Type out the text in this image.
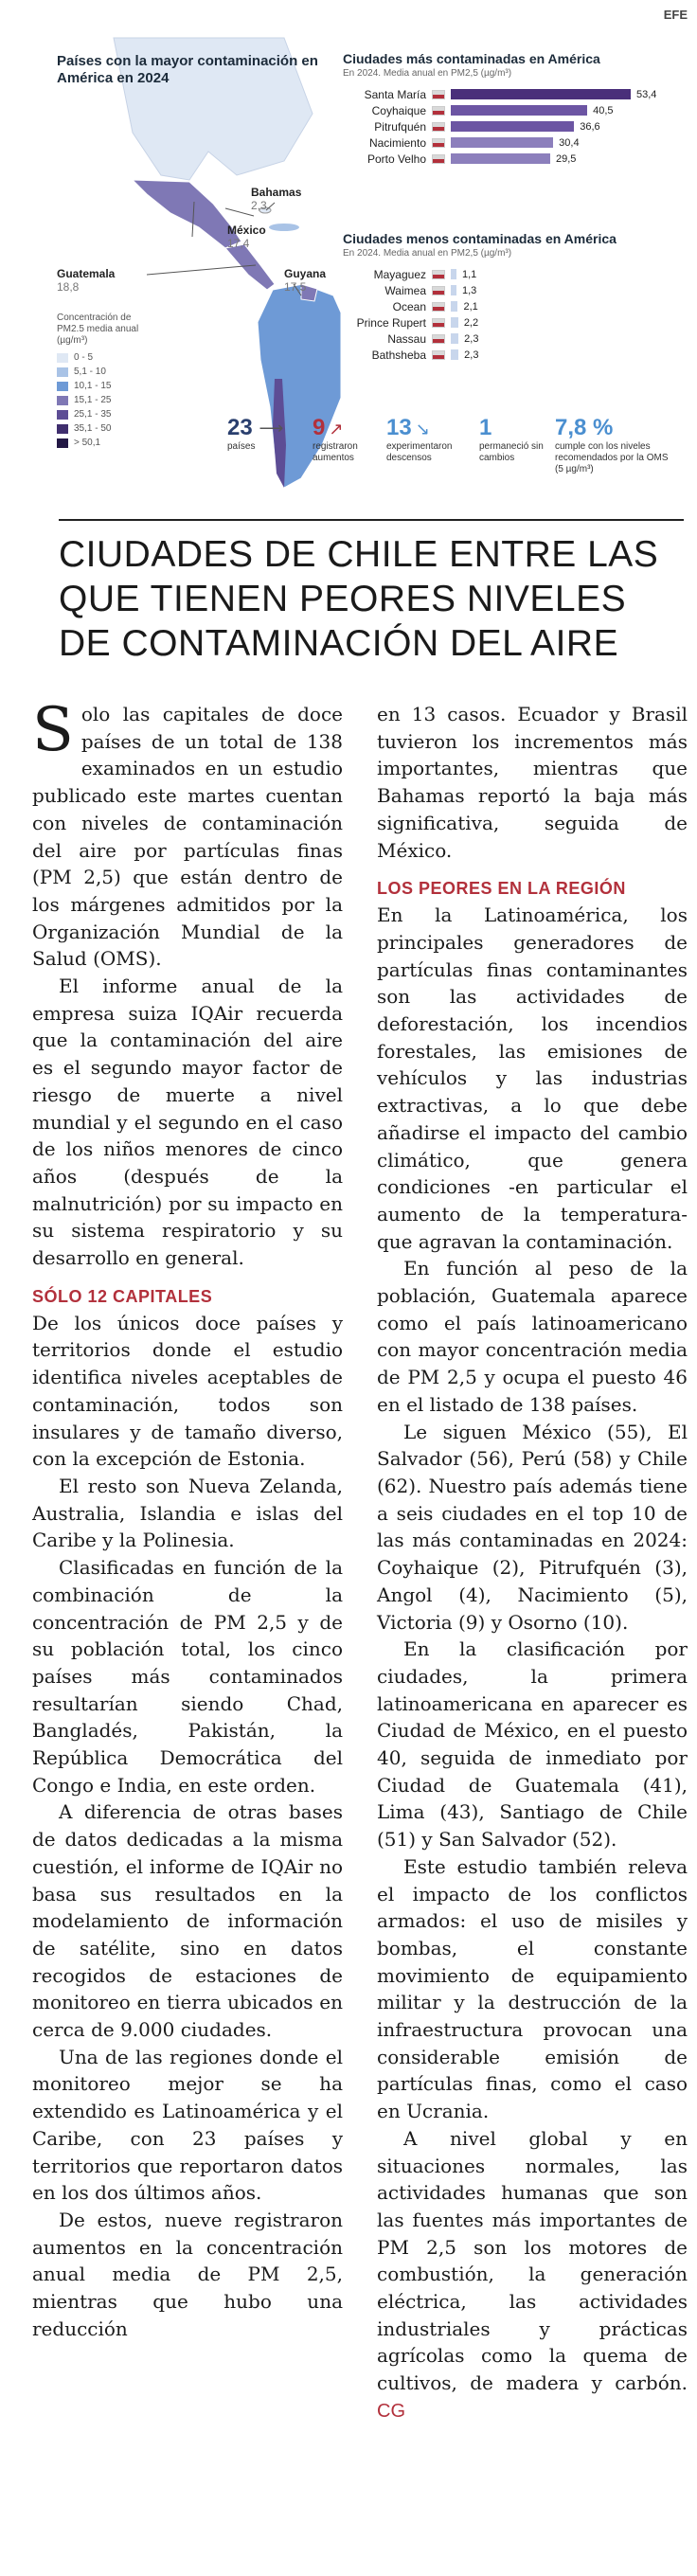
EFE
Países con la mayor contaminación en América en 2024
Bahamas
2,3
México
17,4
Guatemala
18,8
Guyana
17,5
Concentración de PM2.5 media anual (µg/m³)
0 - 5
5,1 - 10
10,1 - 15
15,1 - 25
25,1 - 35
35,1 - 50
> 50,1
Ciudades más contaminadas en América
En 2024. Media anual en PM2,5 (µg/m³)
Santa María	53,4
Coyhaique	40,5
Pitrufquén	36,6
Nacimiento	30,4
Porto Velho	29,5
Ciudades menos contaminadas en América
En 2024. Media anual en PM2,5 (µg/m³)
Mayaguez	1,1
Waimea	1,3
Ocean	2,1
Prince Rupert	2,2
Nassau	2,3
Bathsheba	2,3
23
países
⟶ 9 ↗
registraron aumentos
13 ↘
experimentaron descensos
1
permaneció sin cambios
7,8 %
cumple con los niveles recomendados por la OMS (5 µg/m³)
CIUDADES DE CHILE ENTRE LAS QUE TIENEN PEORES NIVELES DE CONTAMINACIÓN DEL AIRE

Solo las capitales de doce países de un total de 138 examinados en un estudio publicado este martes cuentan con niveles de contaminación del aire por partículas finas (PM 2,5) que están dentro de los márgenes admitidos por la Organización Mundial de la Salud (OMS).

El informe anual de la empresa suiza IQAir recuerda que la contaminación del aire es el segundo mayor factor de riesgo de muerte a nivel mundial y el segundo en el caso de los niños menores de cinco años (después de la malnutrición) por su impacto en su sistema respiratorio y su desarrollo en general.

SÓLO 12 CAPITALES

De los únicos doce países y territorios donde el estudio identifica niveles aceptables de contaminación, todos son insulares y de tamaño diverso, con la excepción de Estonia.

El resto son Nueva Zelanda, Australia, Islandia e islas del Caribe y la Polinesia.

Clasificadas en función de la combinación de la concentración de PM 2,5 y de su población total, los cinco países más contaminados resultarían siendo Chad, Bangladés, Pakistán, la República Democrática del Congo e India, en este orden.

A diferencia de otras bases de datos dedicadas a la misma cuestión, el informe de IQAir no basa sus resultados en la modelamiento de información de satélite, sino en datos recogidos de estaciones de monitoreo en tierra ubicados en cerca de 9.000 ciudades.

Una de las regiones donde el monitoreo mejor se ha extendido es Latinoamérica y el Caribe, con 23 países y territorios que reportaron datos en los dos últimos años.

De estos, nueve registraron aumentos en la concentración anual media de PM 2,5, mientras que hubo una reducción

en 13 casos. Ecuador y Brasil tuvieron los incrementos más importantes, mientras que Bahamas reportó la baja más significativa, seguida de México.

LOS PEORES EN LA REGIÓN

En la Latinoamérica, los principales generadores de partículas finas contaminantes son las actividades de deforestación, los incendios forestales, las emisiones de vehículos y las industrias extractivas, a lo que debe añadirse el impacto del cambio climático, que genera condiciones -en particular el aumento de la temperatura- que agravan la contaminación.

En función al peso de la población, Guatemala aparece como el país latinoamericano con mayor concentración media de PM 2,5 y ocupa el puesto 46 en el listado de 138 países.

Le siguen México (55), El Salvador (56), Perú (58) y Chile (62). Nuestro país además tiene a seis ciudades en el top 10 de las más contaminadas en 2024: Coyhaique (2), Pitrufquén (3), Angol (4), Nacimiento (5), Victoria (9) y Osorno (10).

En la clasificación por ciudades, la primera latinoamericana en aparecer es Ciudad de México, en el puesto 40, seguida de inmediato por Ciudad de Guatemala (41), Lima (43), Santiago de Chile (51) y San Salvador (52).

Este estudio también releva el impacto de los conflictos armados: el uso de misiles y bombas, el constante movimiento de equipamiento militar y la destrucción de la infraestructura provocan una considerable emisión de partículas finas, como el caso en Ucrania.

A nivel global y en situaciones normales, las actividades humanas que son las fuentes más importantes de PM 2,5 son los motores de combustión, la generación eléctrica, las actividades industriales y prácticas agrícolas como la quema de cultivos, de madera y carbón. CG
